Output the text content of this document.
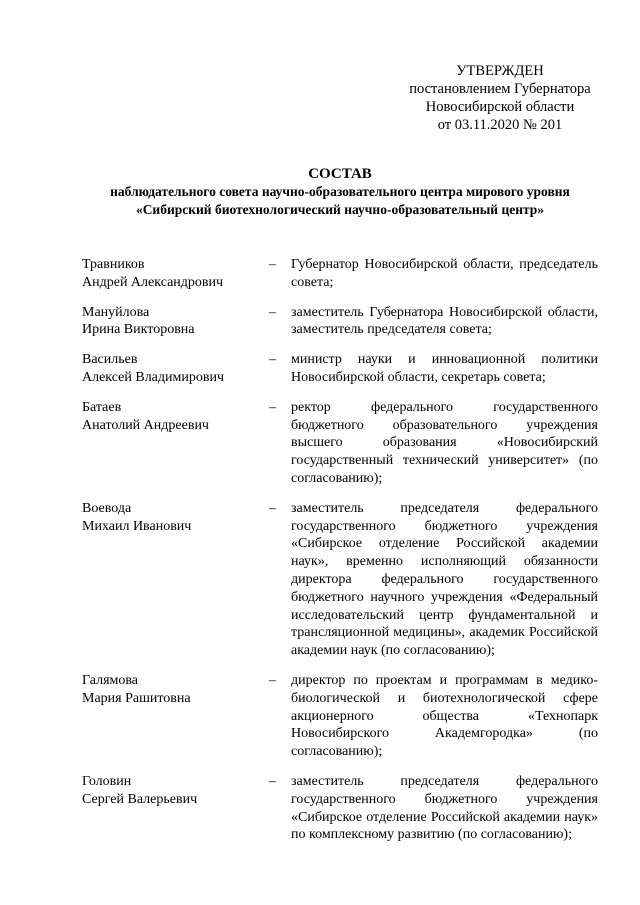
УТВЕРЖДЕН
постановлением Губернатора
Новосибирской области
от 03.11.2020 № 201
СОСТАВ
наблюдательного совета научно-образовательного центра мирового уровня
«Сибирский биотехнологический научно-образовательный центр»
Травников
Андрей Александрович
– Губернатор Новосибирской области, председатель совета;
Мануйлова
Ирина Викторовна
– заместитель Губернатора Новосибирской области, заместитель председателя совета;
Васильев
Алексей Владимирович
– министр науки и инновационной политики Новосибирской области, секретарь совета;
Батаев
Анатолий Андреевич
– ректор федерального государственного бюджетного образовательного учреждения высшего образования «Новосибирский государственный технический университет» (по согласованию);
Воевода
Михаил Иванович
– заместитель председателя федерального государственного бюджетного учреждения «Сибирское отделение Российской академии наук», временно исполняющий обязанности директора федерального государственного бюджетного научного учреждения «Федеральный исследовательский центр фундаментальной и трансляционной медицины», академик Российской академии наук (по согласованию);
Галямова
Мария Рашитовна
– директор по проектам и программам в медико-биологической и биотехнологической сфере акционерного общества «Технопарк Новосибирского Академгородка» (по согласованию);
Головин
Сергей Валерьевич
– заместитель председателя федерального государственного бюджетного учреждения «Сибирское отделение Российской академии наук» по комплексному развитию (по согласованию);
